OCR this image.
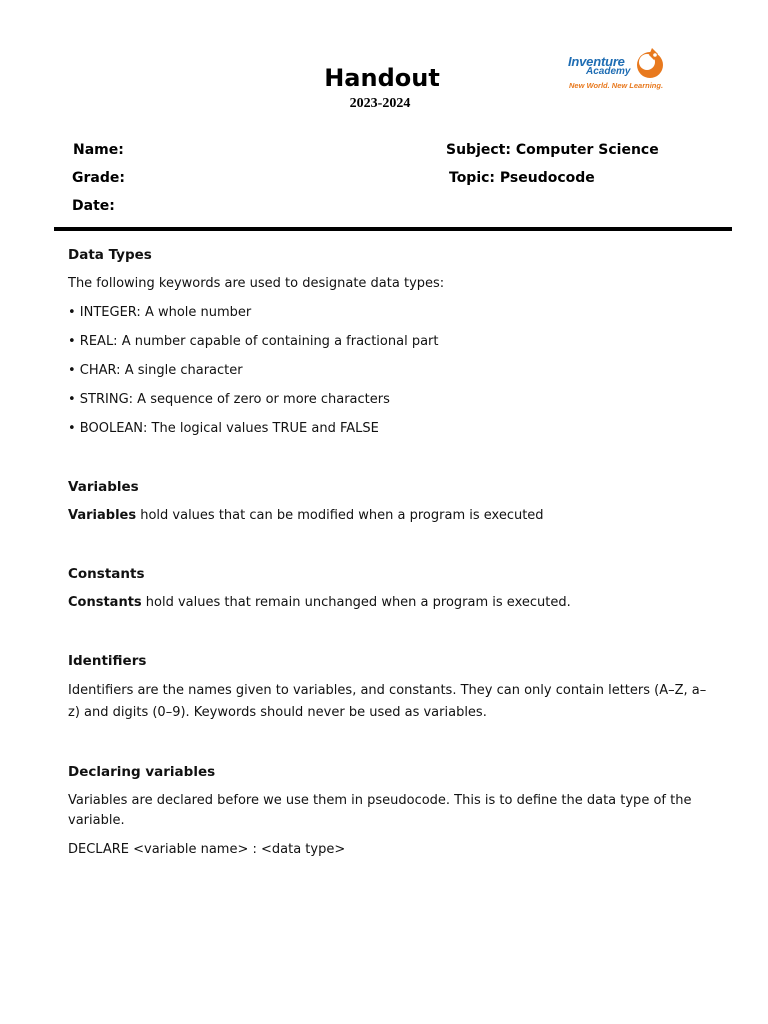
Handout
2023-2024
Inventure
Academy
New World. New Learning.
Name:
Grade:
Date:
Subject: Computer Science
Topic: Pseudocode

Data Types

The following keywords are used to designate data types:

• INTEGER: A whole number

• REAL: A number capable of containing a fractional part

• CHAR: A single character

• STRING: A sequence of zero or more characters

• BOOLEAN: The logical values TRUE and FALSE

Variables

Variables hold values that can be modified when a program is executed

Constants

Constants hold values that remain unchanged when a program is executed.

Identifiers

Identifiers are the names given to variables, and constants. They can only contain letters (A–Z, a–z) and digits (0–9). Keywords should never be used as variables.

Declaring variables

Variables are declared before we use them in pseudocode. This is to define the data type of the variable.

DECLARE <variable name> : <data type>
